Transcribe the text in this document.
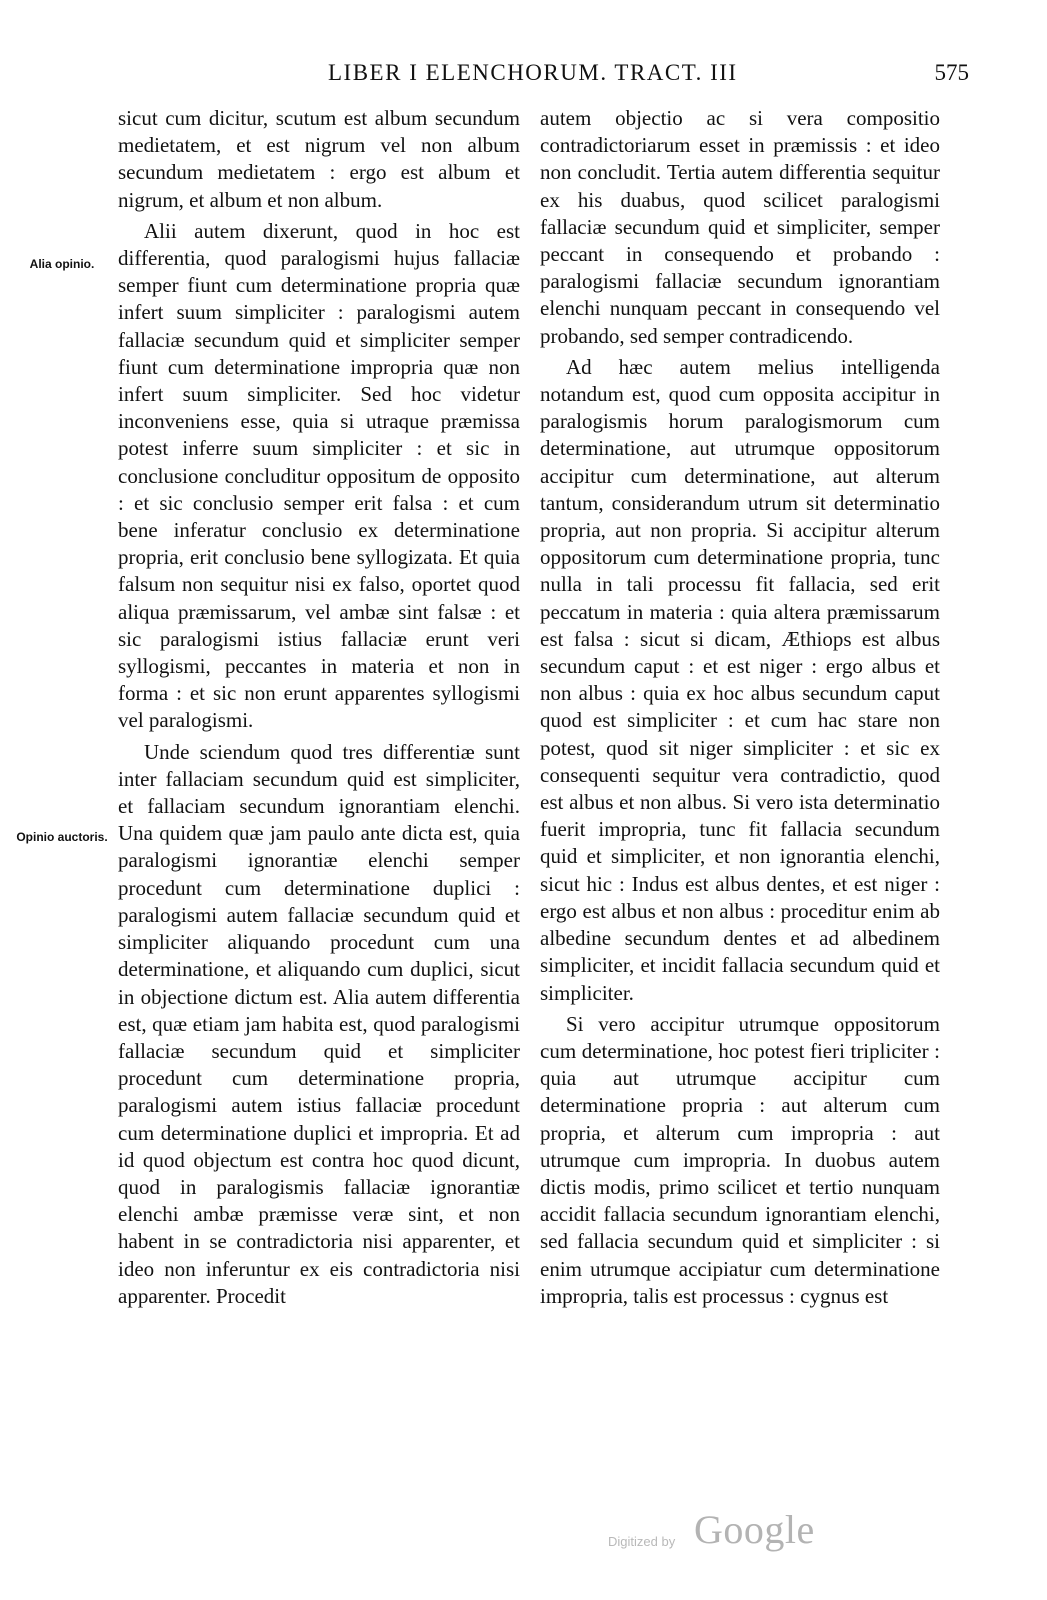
LIBER I ELENCHORUM. TRACT. III	575
Alia opinio.
Opinio auctoris.

sicut cum dicitur, scutum est album secundum medietatem, et est nigrum vel non album secundum medietatem : ergo est album et nigrum, et album et non album.

Alii autem dixerunt, quod in hoc est differentia, quod paralogismi hujus fallaciæ semper fiunt cum determinatione propria quæ infert suum simpliciter : paralogismi autem fallaciæ secundum quid et simpliciter semper fiunt cum determinatione impropria quæ non infert suum simpliciter. Sed hoc videtur inconveniens esse, quia si utraque præmissa potest inferre suum simpliciter : et sic in conclusione concluditur oppositum de opposito : et sic conclusio semper erit falsa : et cum bene inferatur conclusio ex determinatione propria, erit conclusio bene syllogizata. Et quia falsum non sequitur nisi ex falso, oportet quod aliqua præmissarum, vel ambæ sint falsæ : et sic paralogismi istius fallaciæ erunt veri syllogismi, peccantes in materia et non in forma : et sic non erunt apparentes syllogismi vel paralogismi.

Unde sciendum quod tres differentiæ sunt inter fallaciam secundum quid est simpliciter, et fallaciam secundum ignorantiam elenchi. Una quidem quæ jam paulo ante dicta est, quia paralogismi ignorantiæ elenchi semper procedunt cum determinatione duplici : paralogismi autem fallaciæ secundum quid et simpliciter aliquando procedunt cum una determinatione, et aliquando cum duplici, sicut in objectione dictum est. Alia autem differentia est, quæ etiam jam habita est, quod paralogismi fallaciæ secundum quid et simpliciter procedunt cum determinatione propria, paralogismi autem istius fallaciæ procedunt cum determinatione duplici et impropria. Et ad id quod objectum est contra hoc quod dicunt, quod in paralogismis fallaciæ ignorantiæ elenchi ambæ præmisse veræ sint, et non habent in se contradictoria nisi apparenter, et ideo non inferuntur ex eis contradictoria nisi apparenter. Procedit

autem objectio ac si vera compositio contradictoriarum esset in præmissis : et ideo non concludit. Tertia autem differentia sequitur ex his duabus, quod scilicet paralogismi fallaciæ secundum quid et simpliciter, semper peccant in consequendo et probando : paralogismi fallaciæ secundum ignorantiam elenchi nunquam peccant in consequendo vel probando, sed semper contradicendo.

Ad hæc autem melius intelligenda notandum est, quod cum opposita accipitur in paralogismis horum paralogismorum cum determinatione, aut utrumque oppositorum accipitur cum determinatione, aut alterum tantum, considerandum utrum sit determinatio propria, aut non propria. Si accipitur alterum oppositorum cum determinatione propria, tunc nulla in tali processu fit fallacia, sed erit peccatum in materia : quia altera præmissarum est falsa : sicut si dicam, Æthiops est albus secundum caput : et est niger : ergo albus et non albus : quia ex hoc albus secundum caput quod est simpliciter : et cum hac stare non potest, quod sit niger simpliciter : et sic ex consequenti sequitur vera contradictio, quod est albus et non albus. Si vero ista determinatio fuerit impropria, tunc fit fallacia secundum quid et simpliciter, et non ignorantia elenchi, sicut hic : Indus est albus dentes, et est niger : ergo est albus et non albus : proceditur enim ab albedine secundum dentes et ad albedinem simpliciter, et incidit fallacia secundum quid et simpliciter.

Si vero accipitur utrumque oppositorum cum determinatione, hoc potest fieri tripliciter : quia aut utrumque accipitur cum determinatione propria : aut alterum cum propria, et alterum cum impropria : aut utrumque cum impropria. In duobus autem dictis modis, primo scilicet et tertio nunquam accidit fallacia secundum ignorantiam elenchi, sed fallacia secundum quid et simpliciter : si enim utrumque accipiatur cum determinatione impropria, talis est processus : cygnus est

Digitized by Google
